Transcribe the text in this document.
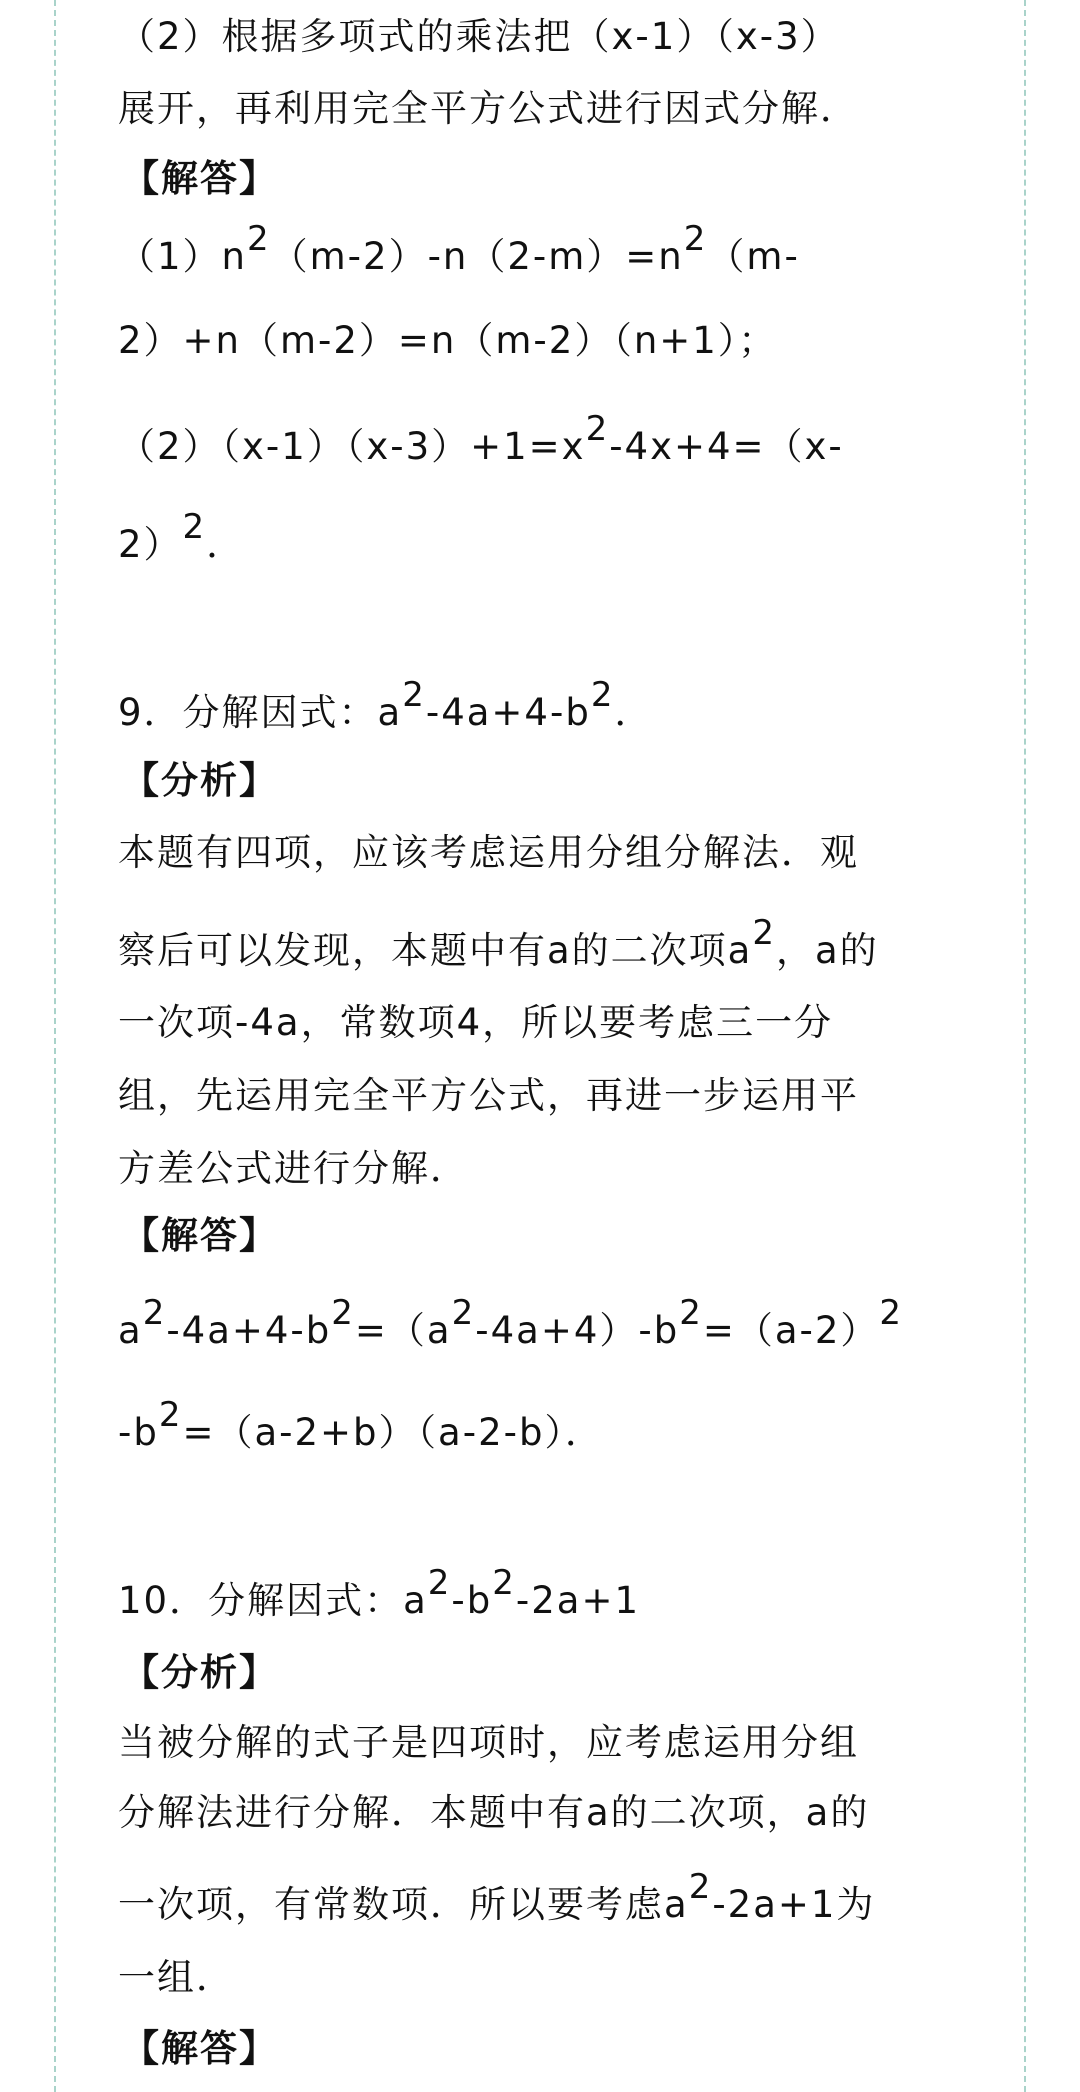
（2）根据多项式的乘法把（x-1）（x-3）
展开，再利用完全平方公式进行因式分解．
【解答】
$(1)n^2(m-2)-n(2-m)=n^2(m-$
2）+n（m-2）=n（m-2）（n+1）；
$(2)(x-1)(x-3)+1=x^2-4x+4=(x-$
2）$^2$．
9．分解因式：$a^2-4a+4-b^2$．
【分析】
本题有四项，应该考虑运用分组分解法．观
察后可以发现，本题中有a的二次项$a^2$，a的
一次项-4a，常数项4，所以要考虑三一分
组，先运用完全平方公式，再进一步运用平
方差公式进行分解．
【解答】
$a^2-4a+4-b^2=(a^2-4a+4)-b^2=(a-2)^2$
$-b^2=(a-2+b)(a-2-b)$．
10．分解因式：$a^2-b^2-2a+1$
【分析】
当被分解的式子是四项时，应考虑运用分组
分解法进行分解．本题中有a的二次项，a的
一次项，有常数项．所以要考虑$a^2-2a+1$为
一组．
【解答】
